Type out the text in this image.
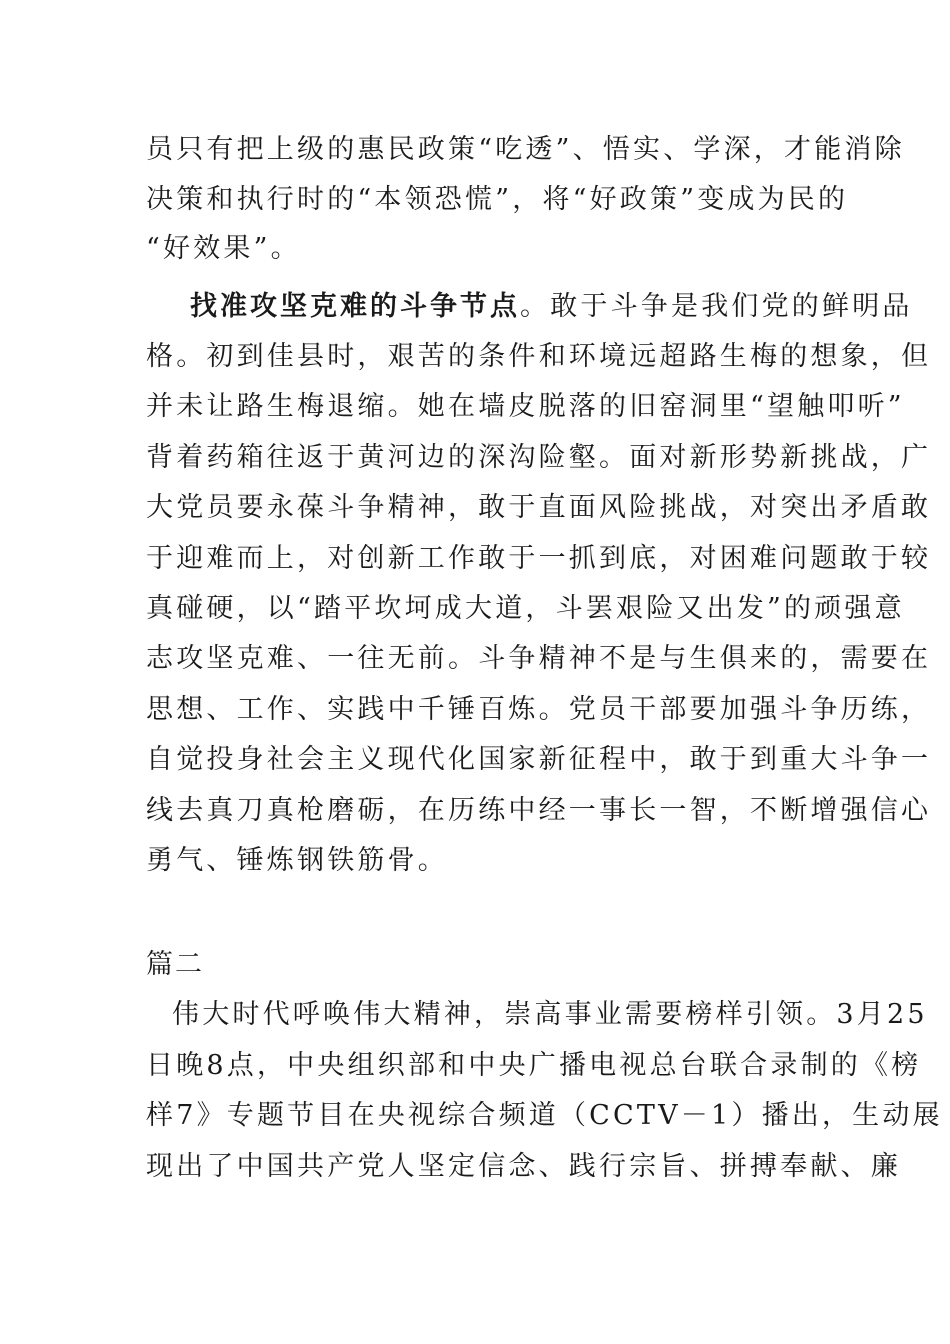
员只有把上级的惠民政策“吃透”、悟实、学深，才能消除
决策和执行时的“本领恐慌”，将“好政策”变成为民的
“好效果”。
找准攻坚克难的斗争节点。敢于斗争是我们党的鲜明品
格。初到佳县时，艰苦的条件和环境远超路生梅的想象，但
并未让路生梅退缩。她在墙皮脱落的旧窑洞里“望触叩听”
背着药箱往返于黄河边的深沟险壑。面对新形势新挑战，广
大党员要永葆斗争精神，敢于直面风险挑战，对突出矛盾敢
于迎难而上，对创新工作敢于一抓到底，对困难问题敢于较
真碰硬，以“踏平坎坷成大道，斗罢艰险又出发”的顽强意
志攻坚克难、一往无前。斗争精神不是与生俱来的，需要在
思想、工作、实践中千锤百炼。党员干部要加强斗争历练，
自觉投身社会主义现代化国家新征程中，敢于到重大斗争一
线去真刀真枪磨砺，在历练中经一事长一智，不断增强信心
勇气、锤炼钢铁筋骨。
篇二
伟大时代呼唤伟大精神，崇高事业需要榜样引领。3月25
日晚8点，中央组织部和中央广播电视总台联合录制的《榜
样7》专题节目在央视综合频道（CCTV－1）播出，生动展
现出了中国共产党人坚定信念、践行宗旨、拼搏奉献、廉
